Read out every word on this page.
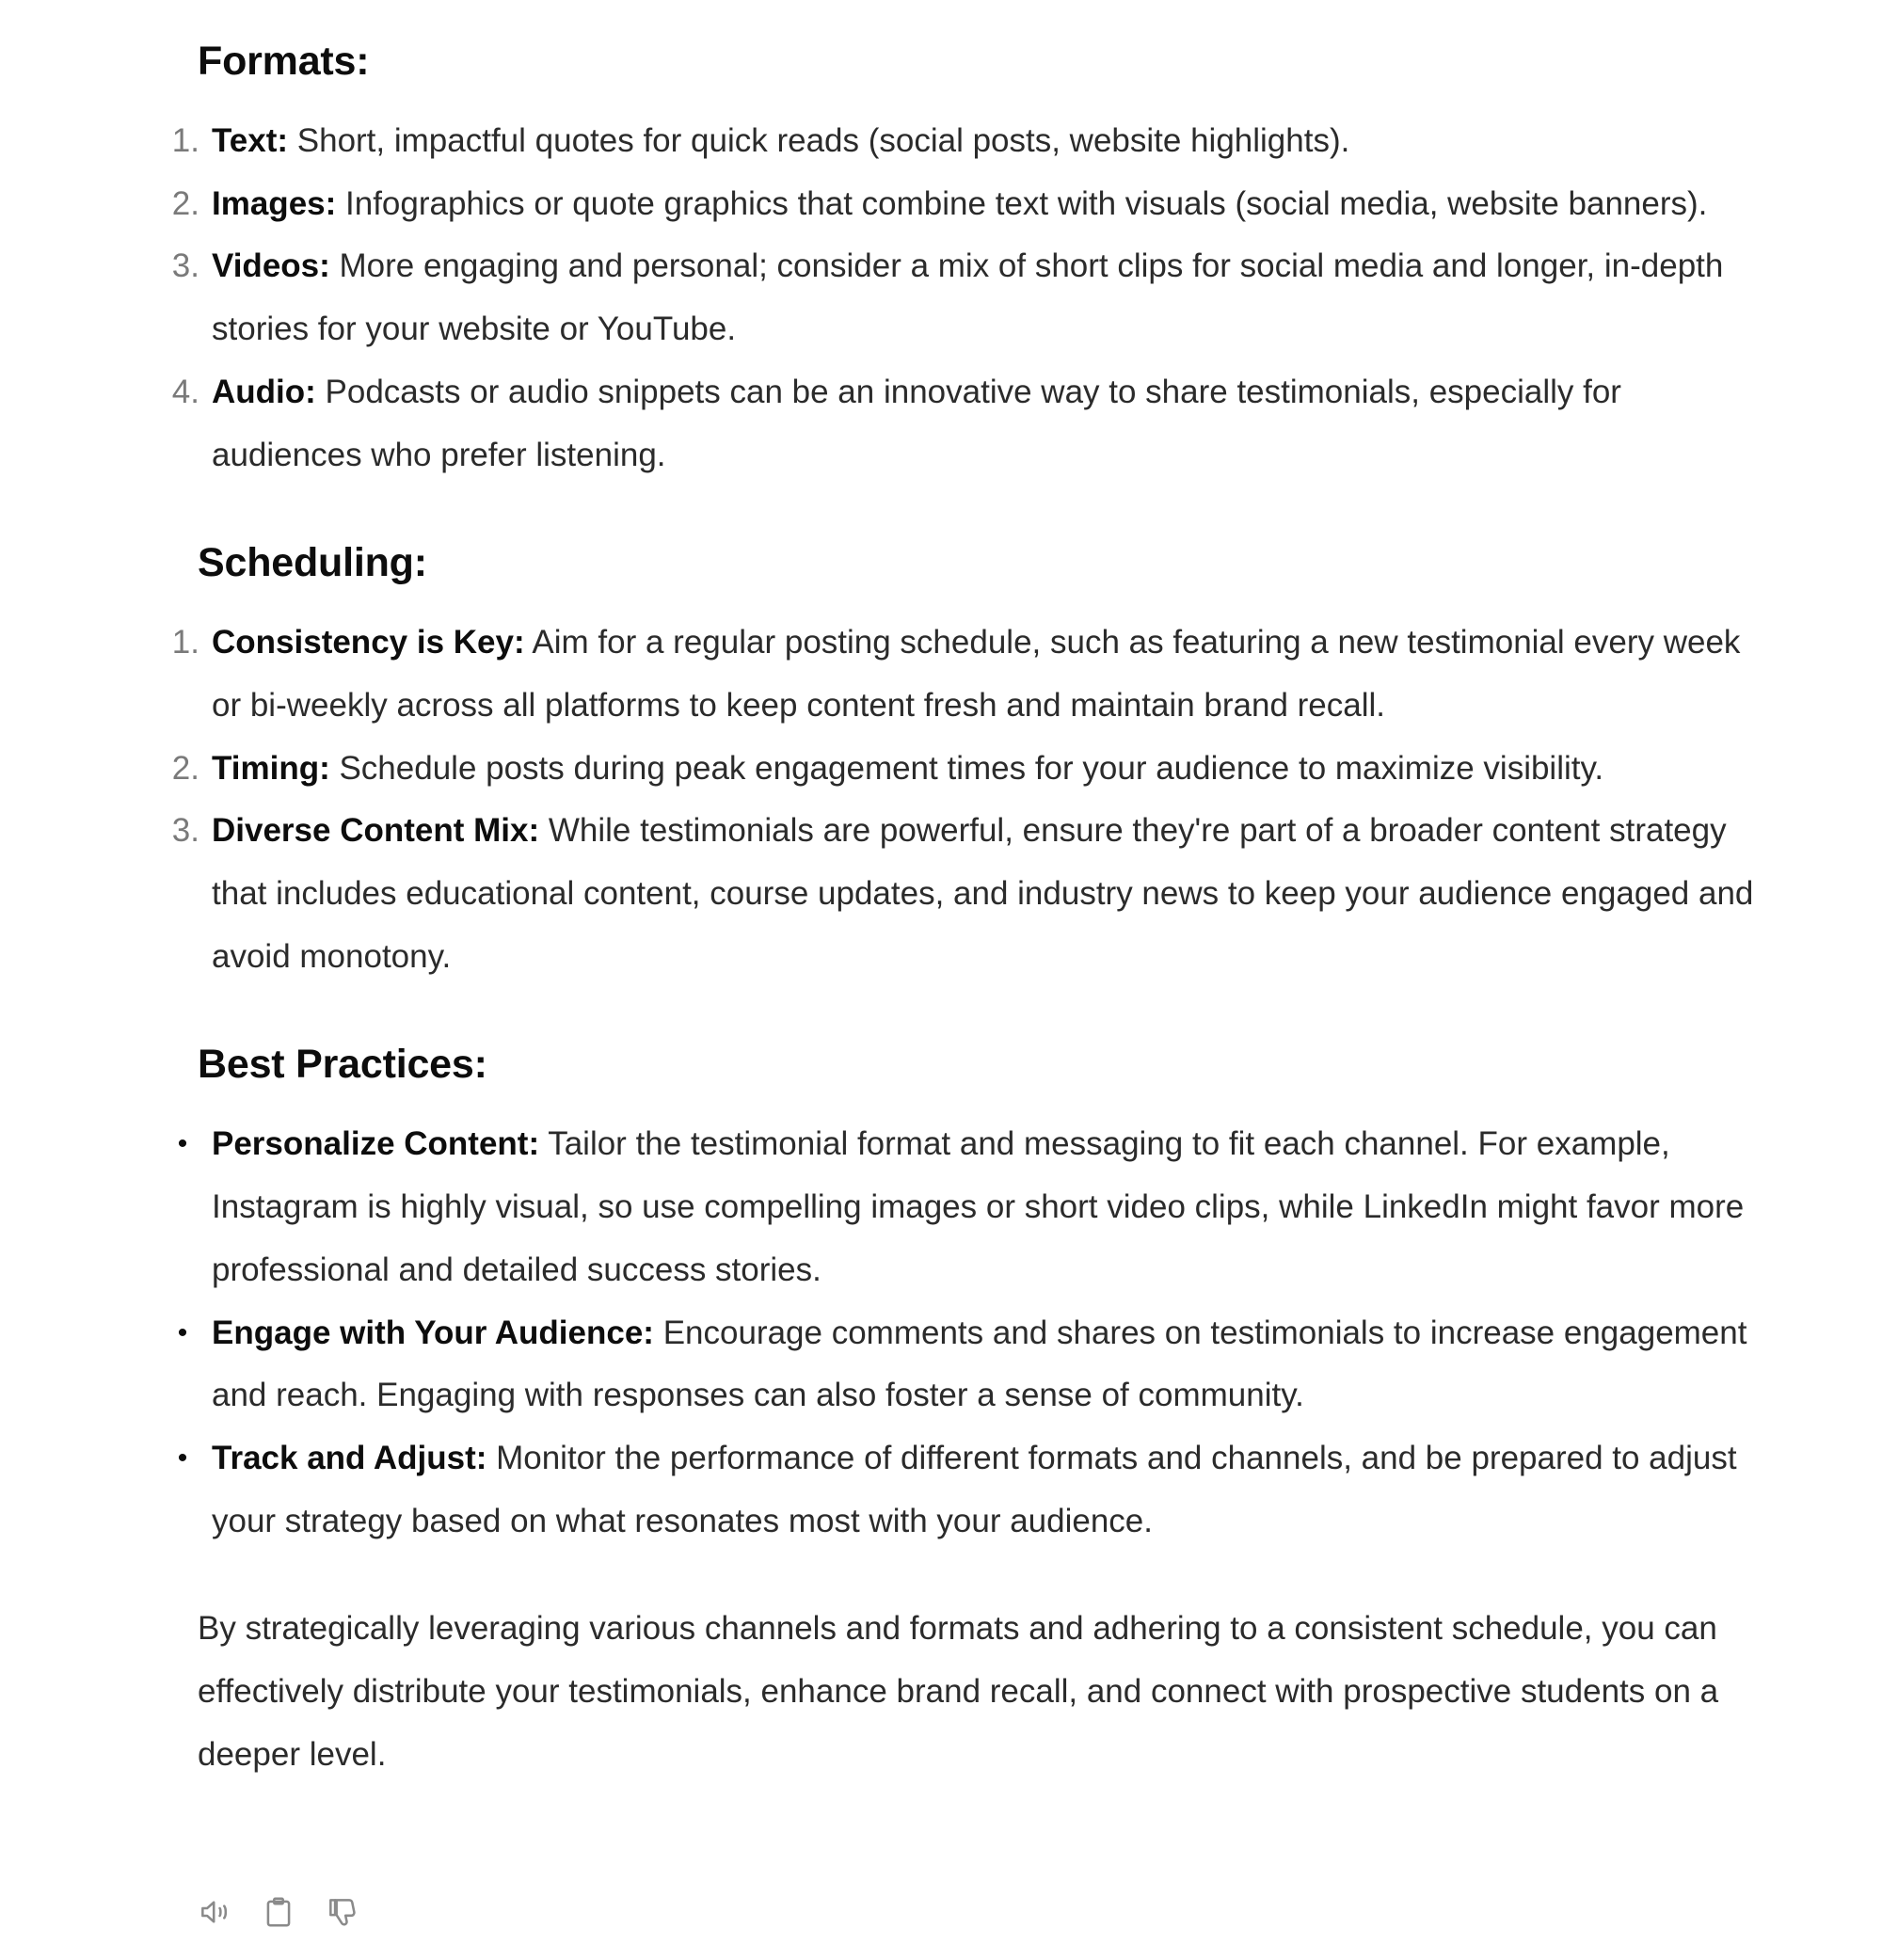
Formats:
1. Text: Short, impactful quotes for quick reads (social posts, website highlights).
2. Images: Infographics or quote graphics that combine text with visuals (social media, website banners).
3. Videos: More engaging and personal; consider a mix of short clips for social media and longer, in-depth stories for your website or YouTube.
4. Audio: Podcasts or audio snippets can be an innovative way to share testimonials, especially for audiences who prefer listening.
Scheduling:
1. Consistency is Key: Aim for a regular posting schedule, such as featuring a new testimonial every week or bi-weekly across all platforms to keep content fresh and maintain brand recall.
2. Timing: Schedule posts during peak engagement times for your audience to maximize visibility.
3. Diverse Content Mix: While testimonials are powerful, ensure they're part of a broader content strategy that includes educational content, course updates, and industry news to keep your audience engaged and avoid monotony.
Best Practices:
• Personalize Content: Tailor the testimonial format and messaging to fit each channel. For example, Instagram is highly visual, so use compelling images or short video clips, while LinkedIn might favor more professional and detailed success stories.
• Engage with Your Audience: Encourage comments and shares on testimonials to increase engagement and reach. Engaging with responses can also foster a sense of community.
• Track and Adjust: Monitor the performance of different formats and channels, and be prepared to adjust your strategy based on what resonates most with your audience.

By strategically leveraging various channels and formats and adhering to a consistent schedule, you can effectively distribute your testimonials, enhance brand recall, and connect with prospective students on a deeper level.
